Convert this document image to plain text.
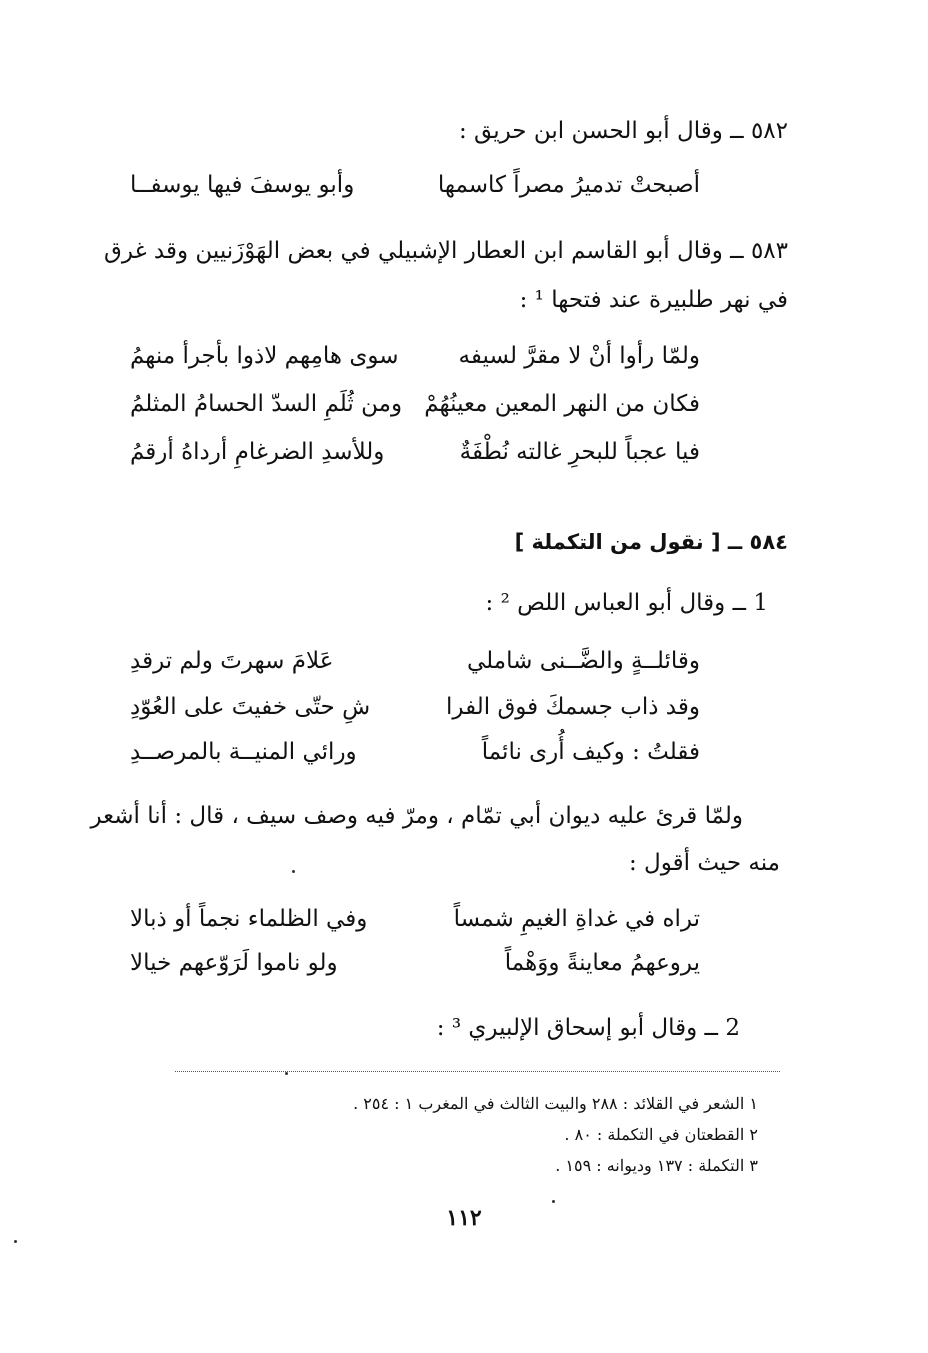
٥٨٢ ــ وقال أبو الحسن ابن حريق :
أصبحتْ تدميرُ مصراً كاسمها
وأبو يوسفَ فيها يوسفــا
٥٨٣ ــ وقال أبو القاسم ابن العطار الإشبيلي في بعض الهَوْزَنيين وقد غرق
في نهر طلبيرة عند فتحها ¹ :
ولمّا رأوا أنْ لا مقرَّ لسيفه
سوى هامِهم لاذوا بأجرأ منهمُ
فكان من النهر المعين معينُهُمْ
ومن ثُلَمِ السدّ الحسامُ المثلمُ
فيا عجباً للبحرِ غالته نُطْفَةٌ
وللأسدِ الضرغامِ أرداهُ أرقمُ
٥٨٤ ــ [ نقول من التكملة ]
1 ــ وقال أبو العباس اللص ² :
وقائلــةٍ والضَّــنى شاملي
عَلامَ سهرتَ ولم ترقدِ
وقد ذاب جسمكَ فوق الفرا
شِ حتّى خفيتَ على العُوّدِ
فقلتُ : وكيف أُرى نائماً
ورائي المنيــة بالمرصــدِ
ولمّا قرئ عليه ديوان أبي تمّام ، ومرّ فيه وصف سيف ، قال : أنا أشعر
منه حيث أقول :
تراه في غداةِ الغيمِ شمساً
وفي الظلماء نجماً أو ذبالا
يروعهمُ معاينةً ووَهْماً
ولو ناموا لَرَوّعهم خيالا
2 ــ وقال أبو إسحاق الإلبيري ³ :
١ الشعر في القلائد : ٢٨٨ والبيت الثالث في المغرب ١ : ٢٥٤ .
٢ القطعتان في التكملة : ٨٠ .
٣ التكملة : ١٣٧ وديوانه : ١٥٩ .
١١٢
